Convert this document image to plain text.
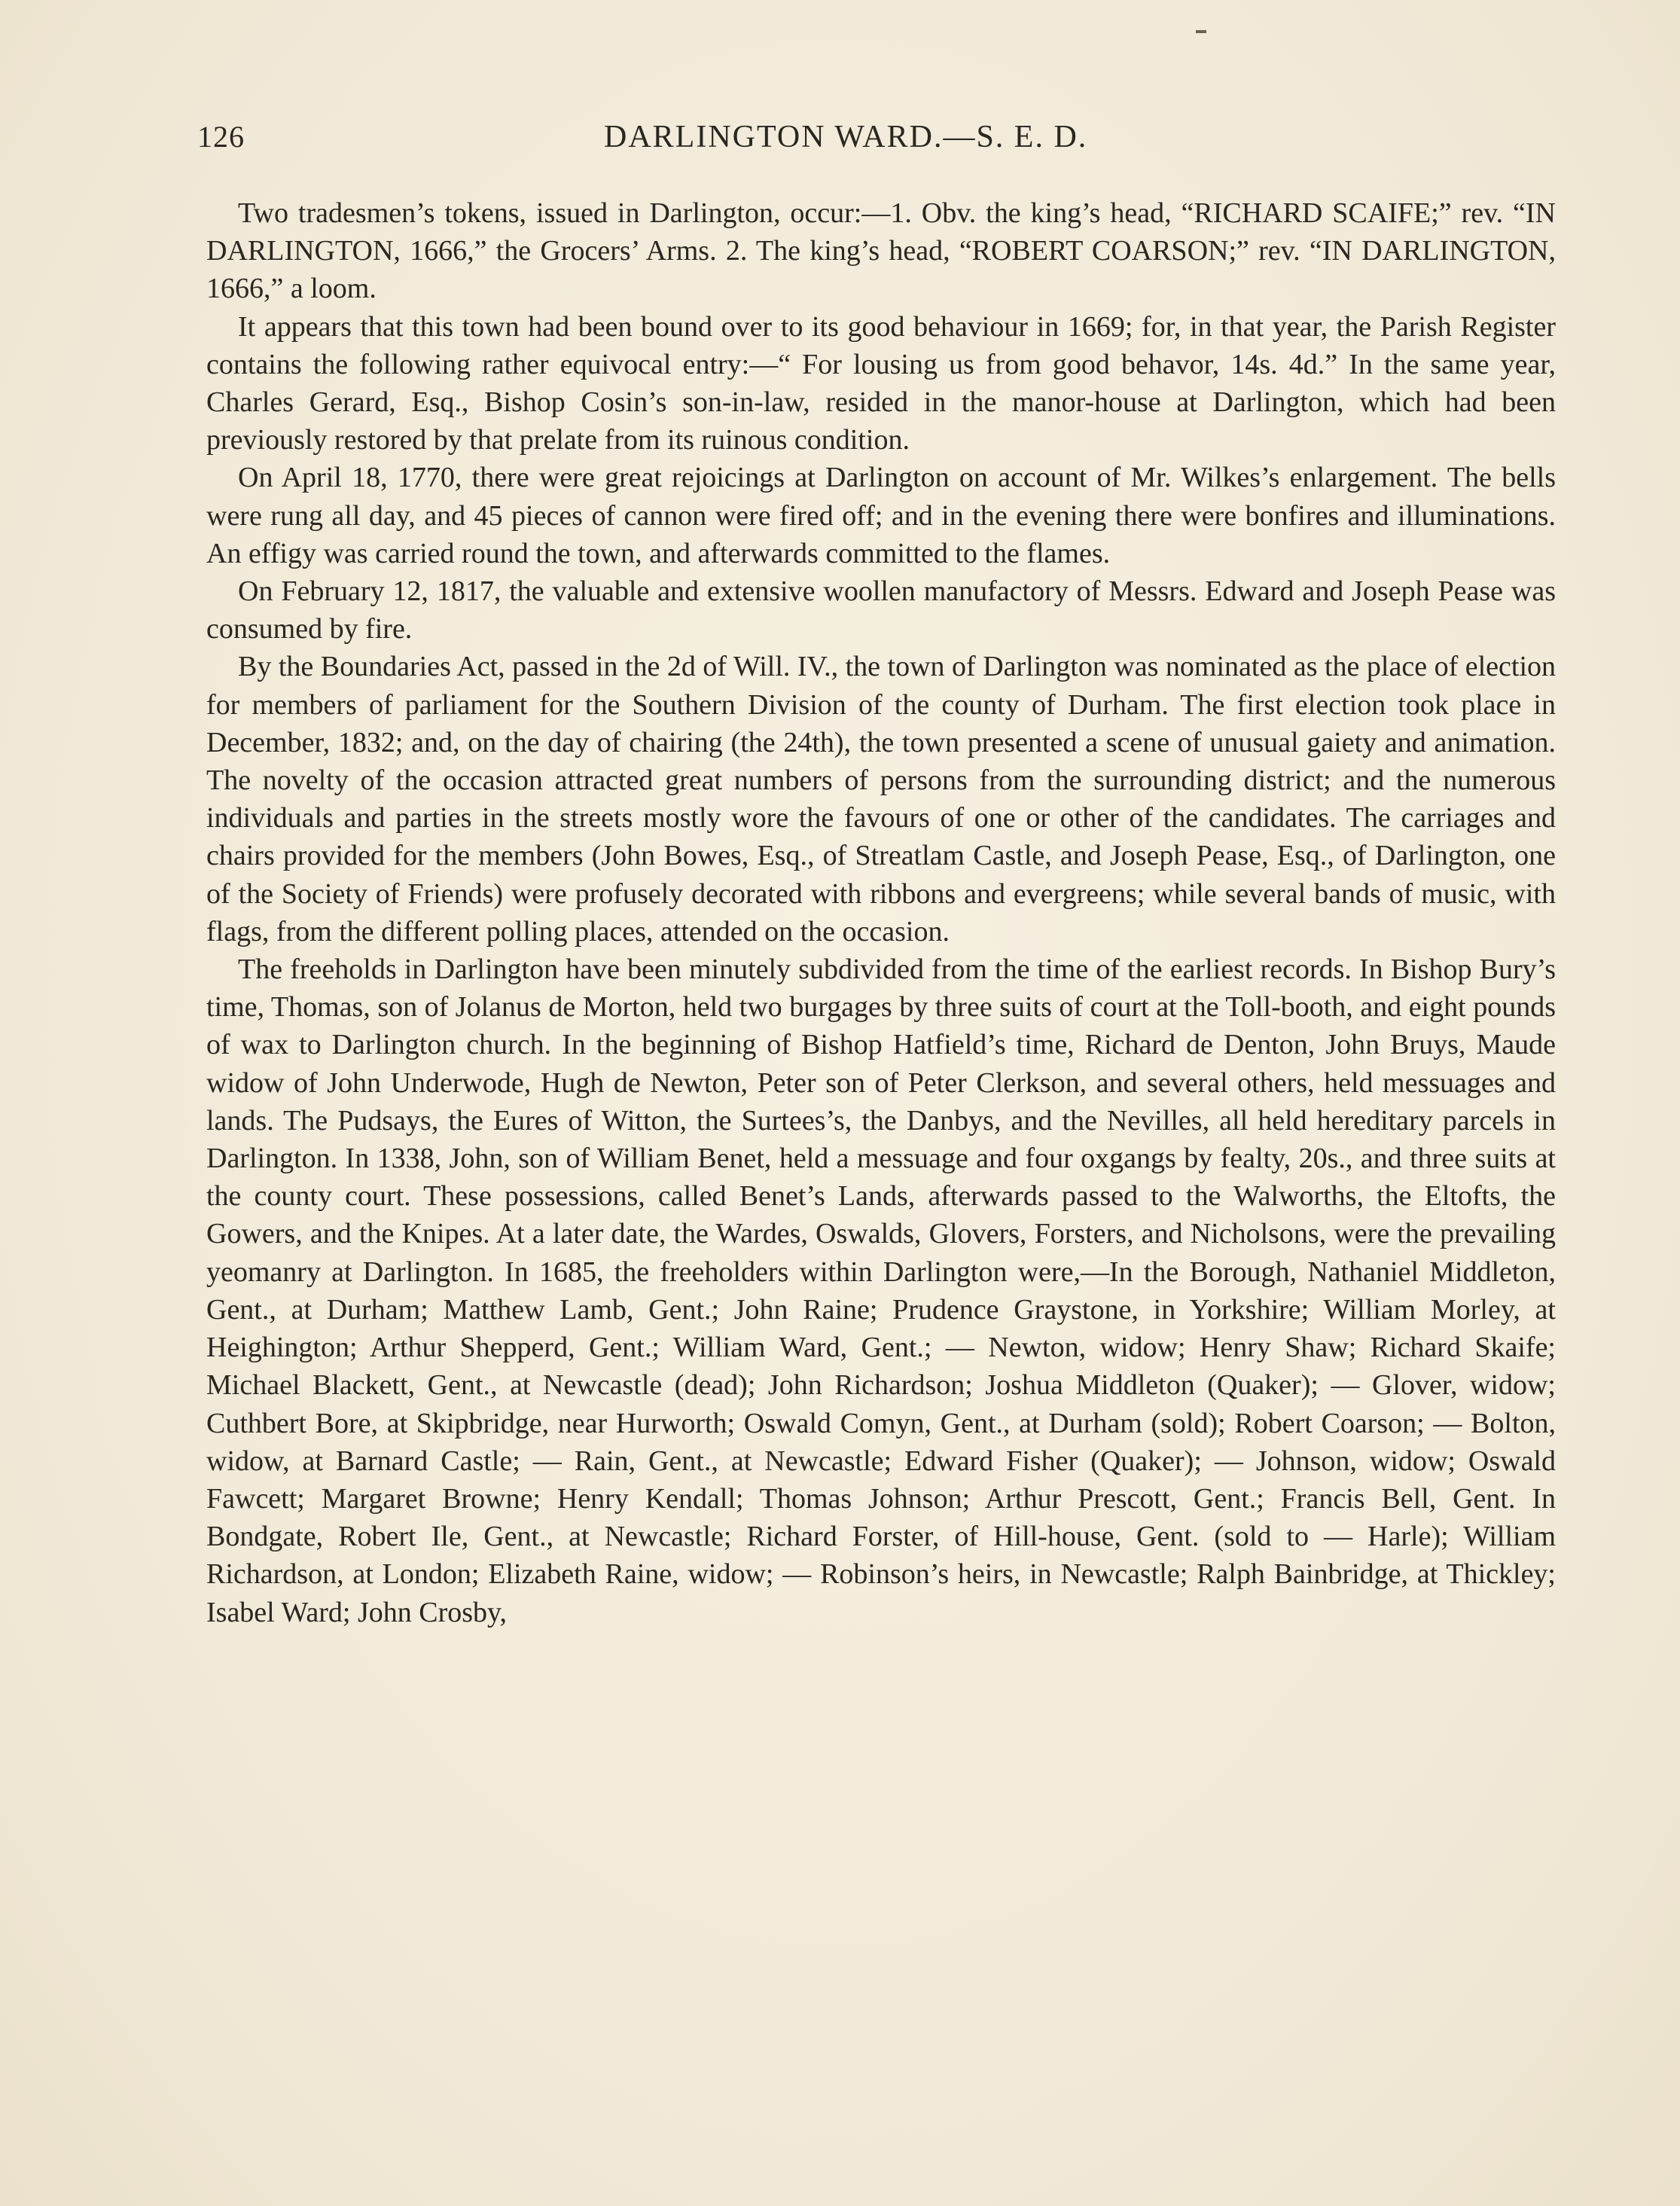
126	DARLINGTON WARD.—S. E. D.

Two tradesmen’s tokens, issued in Darlington, occur:—1. Obv. the king’s head, “RICHARD SCAIFE;” rev. “IN DARLINGTON, 1666,” the Grocers’ Arms. 2. The king’s head, “ROBERT COARSON;” rev. “IN DARLINGTON, 1666,” a loom.

It appears that this town had been bound over to its good behaviour in 1669; for, in that year, the Parish Register contains the following rather equivocal entry:—“ For lousing us from good behavor, 14s. 4d.” In the same year, Charles Gerard, Esq., Bishop Cosin’s son-in-law, resided in the manor-house at Darlington, which had been previously restored by that prelate from its ruinous condition.

On April 18, 1770, there were great rejoicings at Darlington on account of Mr. Wilkes’s enlargement. The bells were rung all day, and 45 pieces of cannon were fired off; and in the evening there were bonfires and illuminations. An effigy was carried round the town, and afterwards committed to the flames.

On February 12, 1817, the valuable and extensive woollen manufactory of Messrs. Edward and Joseph Pease was consumed by fire.

By the Boundaries Act, passed in the 2d of Will. IV., the town of Darlington was nominated as the place of election for members of parliament for the Southern Division of the county of Durham. The first election took place in December, 1832; and, on the day of chairing (the 24th), the town presented a scene of unusual gaiety and animation. The novelty of the occasion attracted great numbers of persons from the surrounding district; and the numerous individuals and parties in the streets mostly wore the favours of one or other of the candidates. The carriages and chairs provided for the members (John Bowes, Esq., of Streatlam Castle, and Joseph Pease, Esq., of Darlington, one of the Society of Friends) were profusely decorated with ribbons and evergreens; while several bands of music, with flags, from the different polling places, attended on the occasion.

The freeholds in Darlington have been minutely subdivided from the time of the earliest records. In Bishop Bury’s time, Thomas, son of Jolanus de Morton, held two burgages by three suits of court at the Toll-booth, and eight pounds of wax to Darlington church. In the beginning of Bishop Hatfield’s time, Richard de Denton, John Bruys, Maude widow of John Underwode, Hugh de Newton, Peter son of Peter Clerkson, and several others, held messuages and lands. The Pudsays, the Eures of Witton, the Surtees’s, the Danbys, and the Nevilles, all held hereditary parcels in Darlington. In 1338, John, son of William Benet, held a messuage and four oxgangs by fealty, 20s., and three suits at the county court. These possessions, called Benet’s Lands, afterwards passed to the Walworths, the Eltofts, the Gowers, and the Knipes. At a later date, the Wardes, Oswalds, Glovers, Forsters, and Nicholsons, were the prevailing yeomanry at Darlington. In 1685, the freeholders within Darlington were,—In the Borough, Nathaniel Middleton, Gent., at Durham; Matthew Lamb, Gent.; John Raine; Prudence Graystone, in Yorkshire; William Morley, at Heighington; Arthur Shepperd, Gent.; William Ward, Gent.; — Newton, widow; Henry Shaw; Richard Skaife; Michael Blackett, Gent., at Newcastle (dead); John Richardson; Joshua Middleton (Quaker); — Glover, widow; Cuthbert Bore, at Skipbridge, near Hurworth; Oswald Comyn, Gent., at Durham (sold); Robert Coarson; — Bolton, widow, at Barnard Castle; — Rain, Gent., at Newcastle; Edward Fisher (Quaker); — Johnson, widow; Oswald Fawcett; Margaret Browne; Henry Kendall; Thomas Johnson; Arthur Prescott, Gent.; Francis Bell, Gent. In Bondgate, Robert Ile, Gent., at Newcastle; Richard Forster, of Hill-house, Gent. (sold to — Harle); William Richardson, at London; Elizabeth Raine, widow; — Robinson’s heirs, in Newcastle; Ralph Bainbridge, at Thickley; Isabel Ward; John Crosby,
